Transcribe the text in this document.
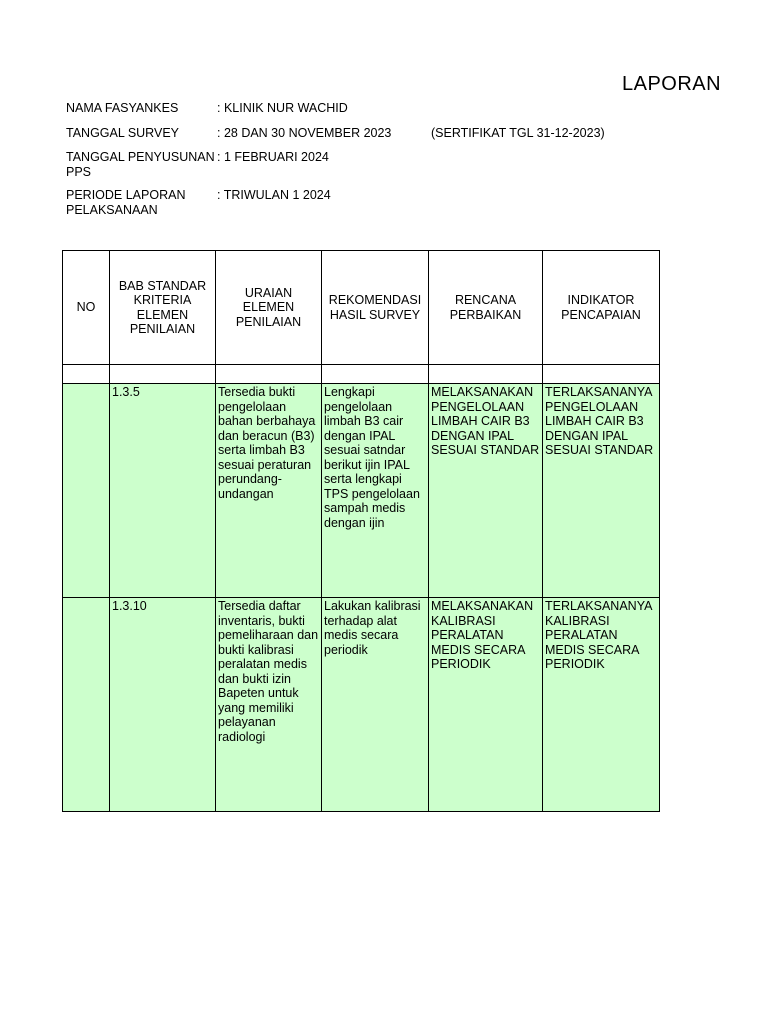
LAPORAN
NAMA FASYANKES	: KLINIK NUR WACHID
TANGGAL SURVEY	: 28 DAN 30 NOVEMBER 2023	(SERTIFIKAT TGL 31-12-2023)
TANGGAL PENYUSUNAN PPS
: 1 FEBRUARI 2024
PERIODE LAPORAN PELAKSANAAN
: TRIWULAN 1 2024
NO	BAB STANDAR KRITERIA ELEMEN PENILAIAN	URAIAN ELEMEN PENILAIAN	REKOMENDASI HASIL SURVEY	RENCANA PERBAIKAN	INDIKATOR PENCAPAIAN

	1.3.5	Tersedia bukti pengelolaan bahan berbahaya dan beracun (B3) serta limbah B3 sesuai peraturan perundang-undangan	Lengkapi pengelolaan limbah B3 cair dengan IPAL sesuai satndar berikut ijin IPAL serta lengkapi TPS pengelolaan sampah medis dengan ijin	MELAKSANAKAN PENGELOLAAN LIMBAH CAIR B3 DENGAN IPAL SESUAI STANDAR	TERLAKSANANYA PENGELOLAAN LIMBAH CAIR B3 DENGAN IPAL SESUAI STANDAR
	1.3.10	Tersedia daftar inventaris, bukti pemeliharaan dan bukti kalibrasi peralatan medis dan bukti izin Bapeten untuk yang memiliki pelayanan radiologi	Lakukan kalibrasi terhadap alat medis secara periodik	MELAKSANAKAN KALIBRASI PERALATAN MEDIS SECARA PERIODIK	TERLAKSANANYA KALIBRASI PERALATAN MEDIS SECARA PERIODIK
